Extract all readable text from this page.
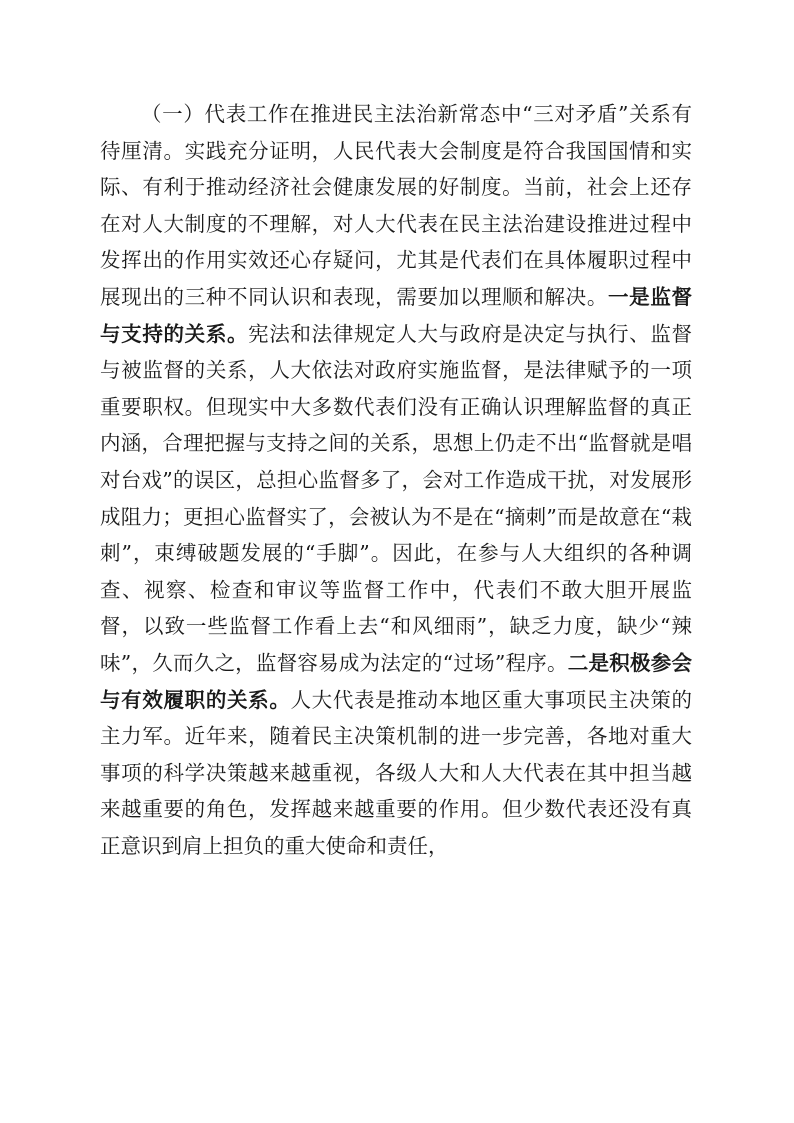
（一）代表工作在推进民主法治新常态中“三对矛盾”关系有待厘清。实践充分证明，人民代表大会制度是符合我国国情和实际、有利于推动经济社会健康发展的好制度。当前，社会上还存在对人大制度的不理解，对人大代表在民主法治建设推进过程中发挥出的作用实效还心存疑问，尤其是代表们在具体履职过程中展现出的三种不同认识和表现，需要加以理顺和解决。一是监督与支持的关系。宪法和法律规定人大与政府是决定与执行、监督与被监督的关系，人大依法对政府实施监督，是法律赋予的一项重要职权。但现实中大多数代表们没有正确认识理解监督的真正内涵，合理把握与支持之间的关系，思想上仍走不出“监督就是唱对台戏”的误区，总担心监督多了，会对工作造成干扰，对发展形成阻力；更担心监督实了，会被认为不是在“摘刺”而是故意在“栽刺”，束缚破题发展的“手脚”。因此，在参与人大组织的各种调查、视察、检查和审议等监督工作中，代表们不敢大胆开展监督，以致一些监督工作看上去“和风细雨”，缺乏力度，缺少“辣味”，久而久之，监督容易成为法定的“过场”程序。二是积极参会与有效履职的关系。人大代表是推动本地区重大事项民主决策的主力军。近年来，随着民主决策机制的进一步完善，各地对重大事项的科学决策越来越重视，各级人大和人大代表在其中担当越来越重要的角色，发挥越来越重要的作用。但少数代表还没有真正意识到肩上担负的重大使命和责任，
